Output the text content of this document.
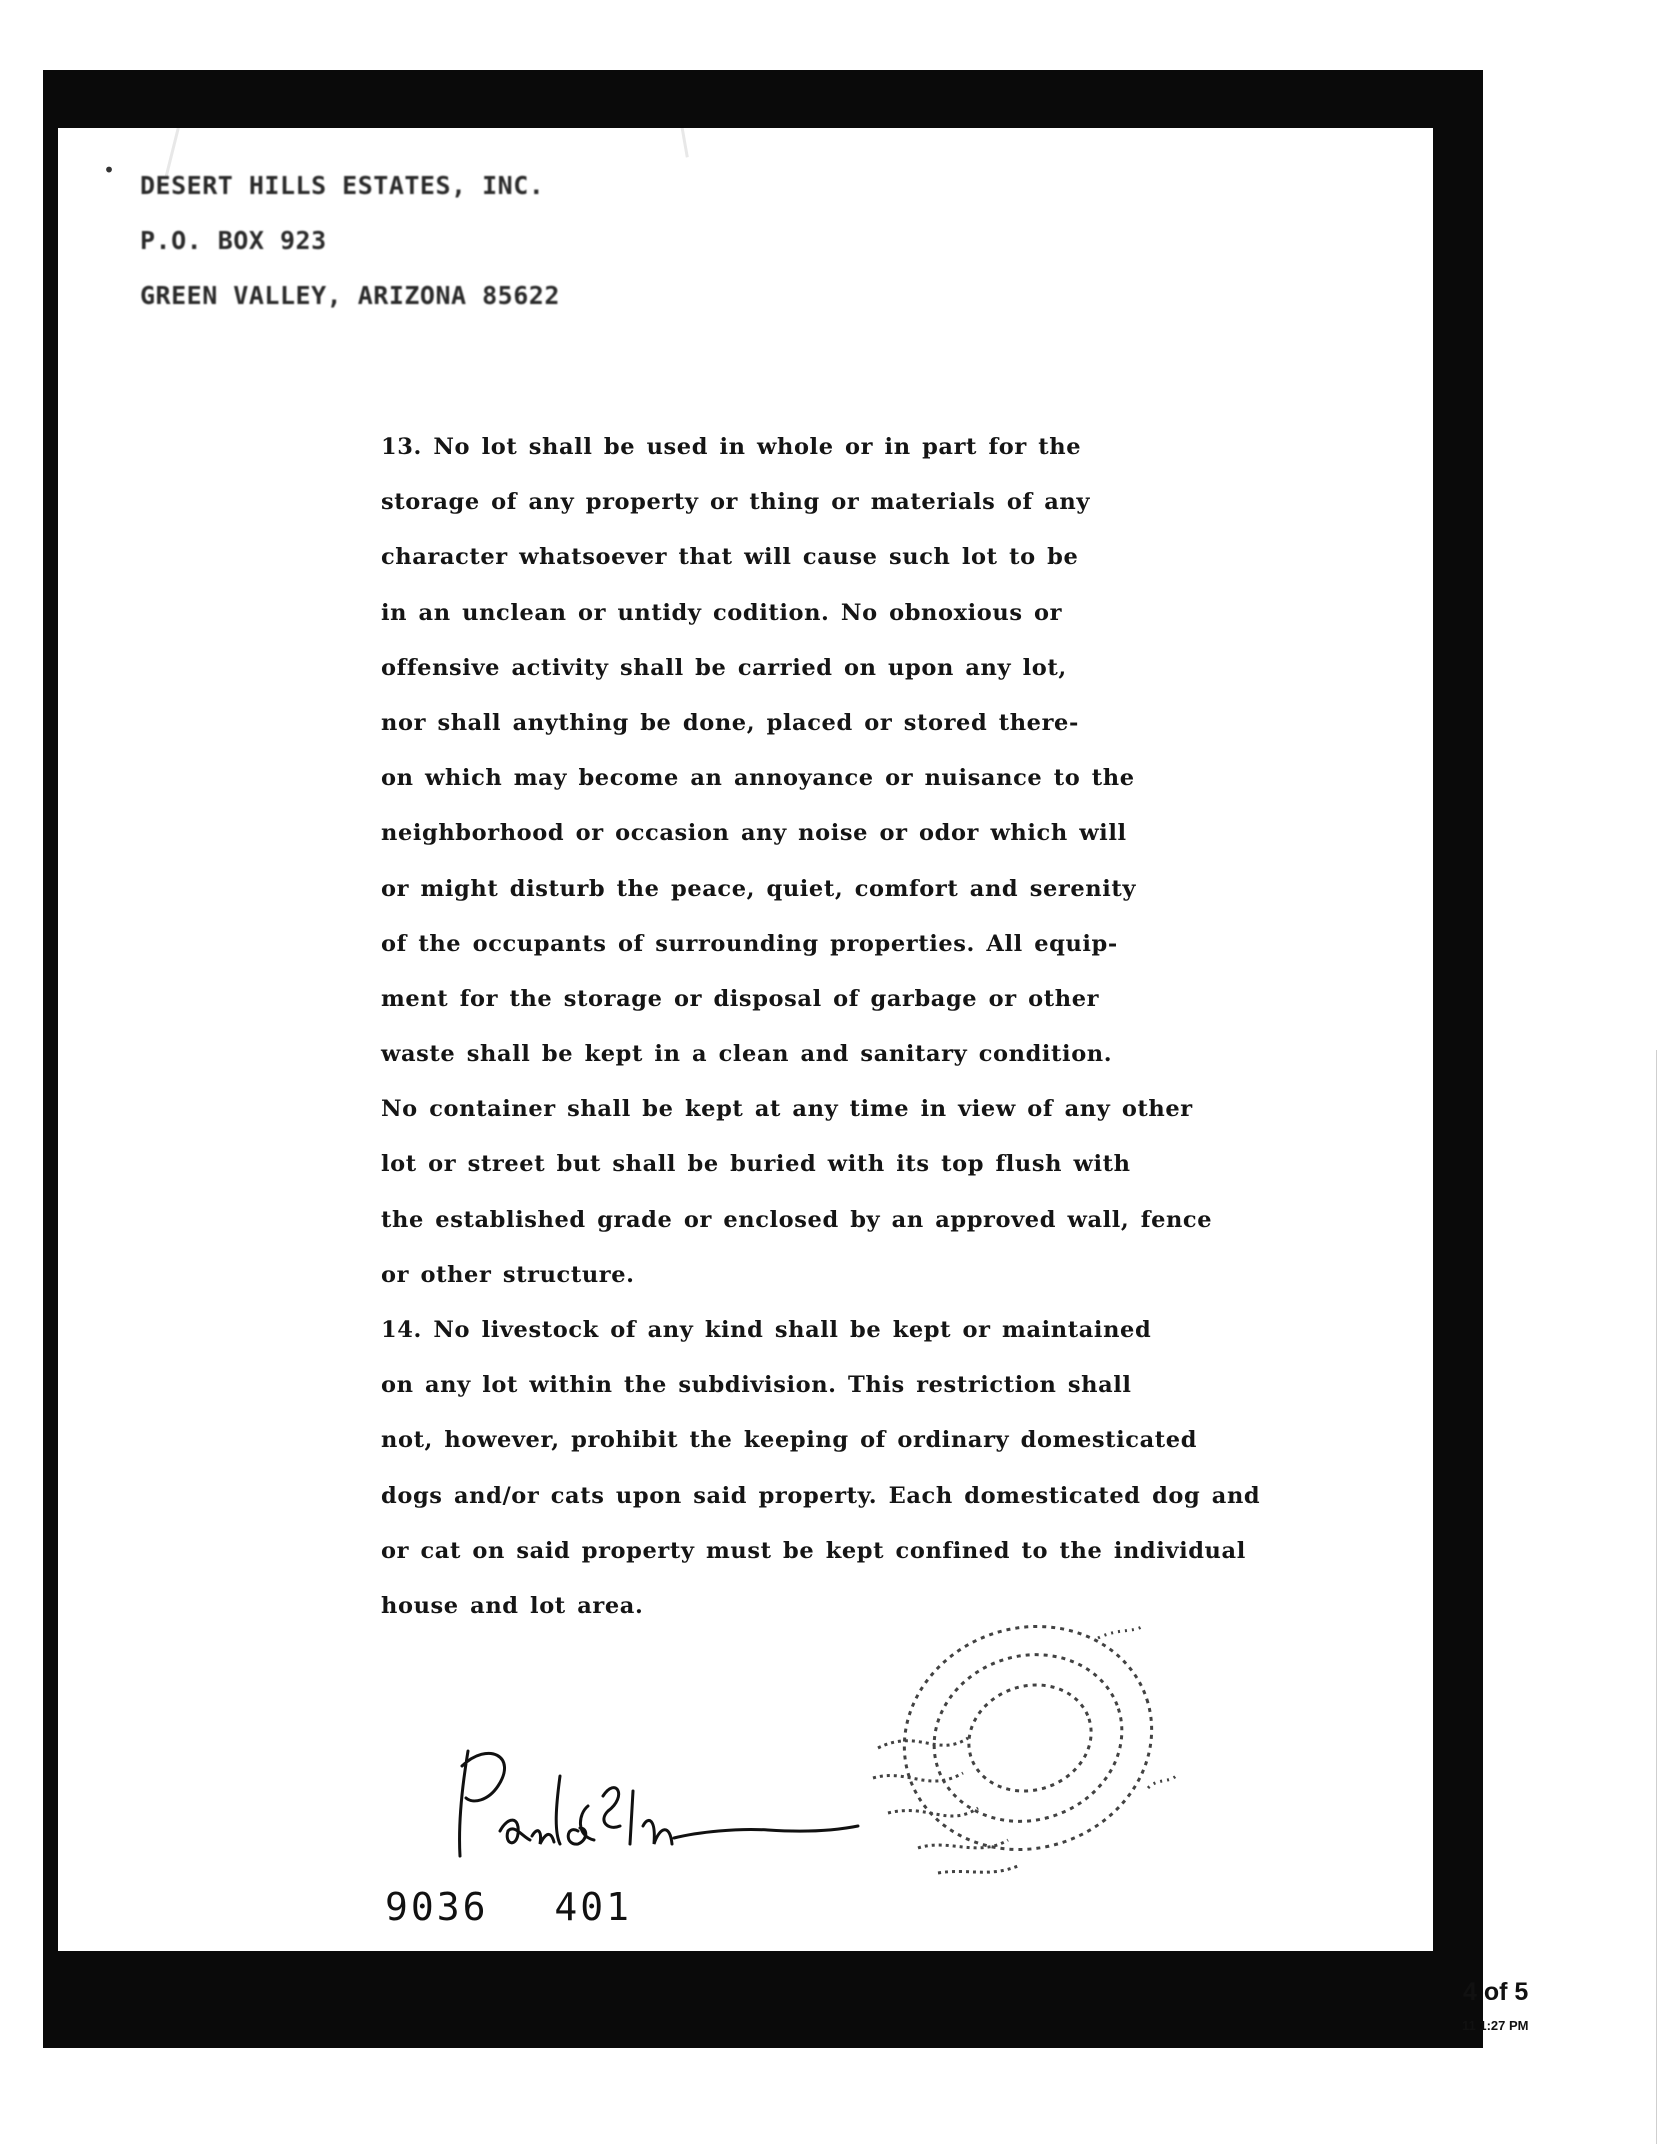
•
DESERT HILLS ESTATES, INC.
P.O. BOX 923
GREEN VALLEY, ARIZONA 85622
13. No lot shall be used in whole or in part for the
storage of any property or thing or materials of any
character whatsoever that will cause such lot to be
in an unclean or untidy codition. No obnoxious or
offensive activity shall be carried on upon any lot,
nor shall anything be done, placed or stored there-
on which may become an annoyance or nuisance to the
neighborhood or occasion any noise or odor which will
or might disturb the peace, quiet, comfort and serenity
of the occupants of surrounding properties. All equip-
ment for the storage or disposal of garbage or other
waste shall be kept in a clean and sanitary condition.
No container shall be kept at any time in view of any other
lot or street but shall be buried with its top flush with
the established grade or enclosed by an approved wall, fence
or other structure.
14. No livestock of any kind shall be kept or maintained
on any lot within the subdivision. This restriction shall
not, however, prohibit the keeping of ordinary domesticated
dogs and/or cats upon said property. Each domesticated dog and
or cat on said property must be kept confined to the individual
house and lot area.
9036 401
4 of 5
11 1:27 PM
